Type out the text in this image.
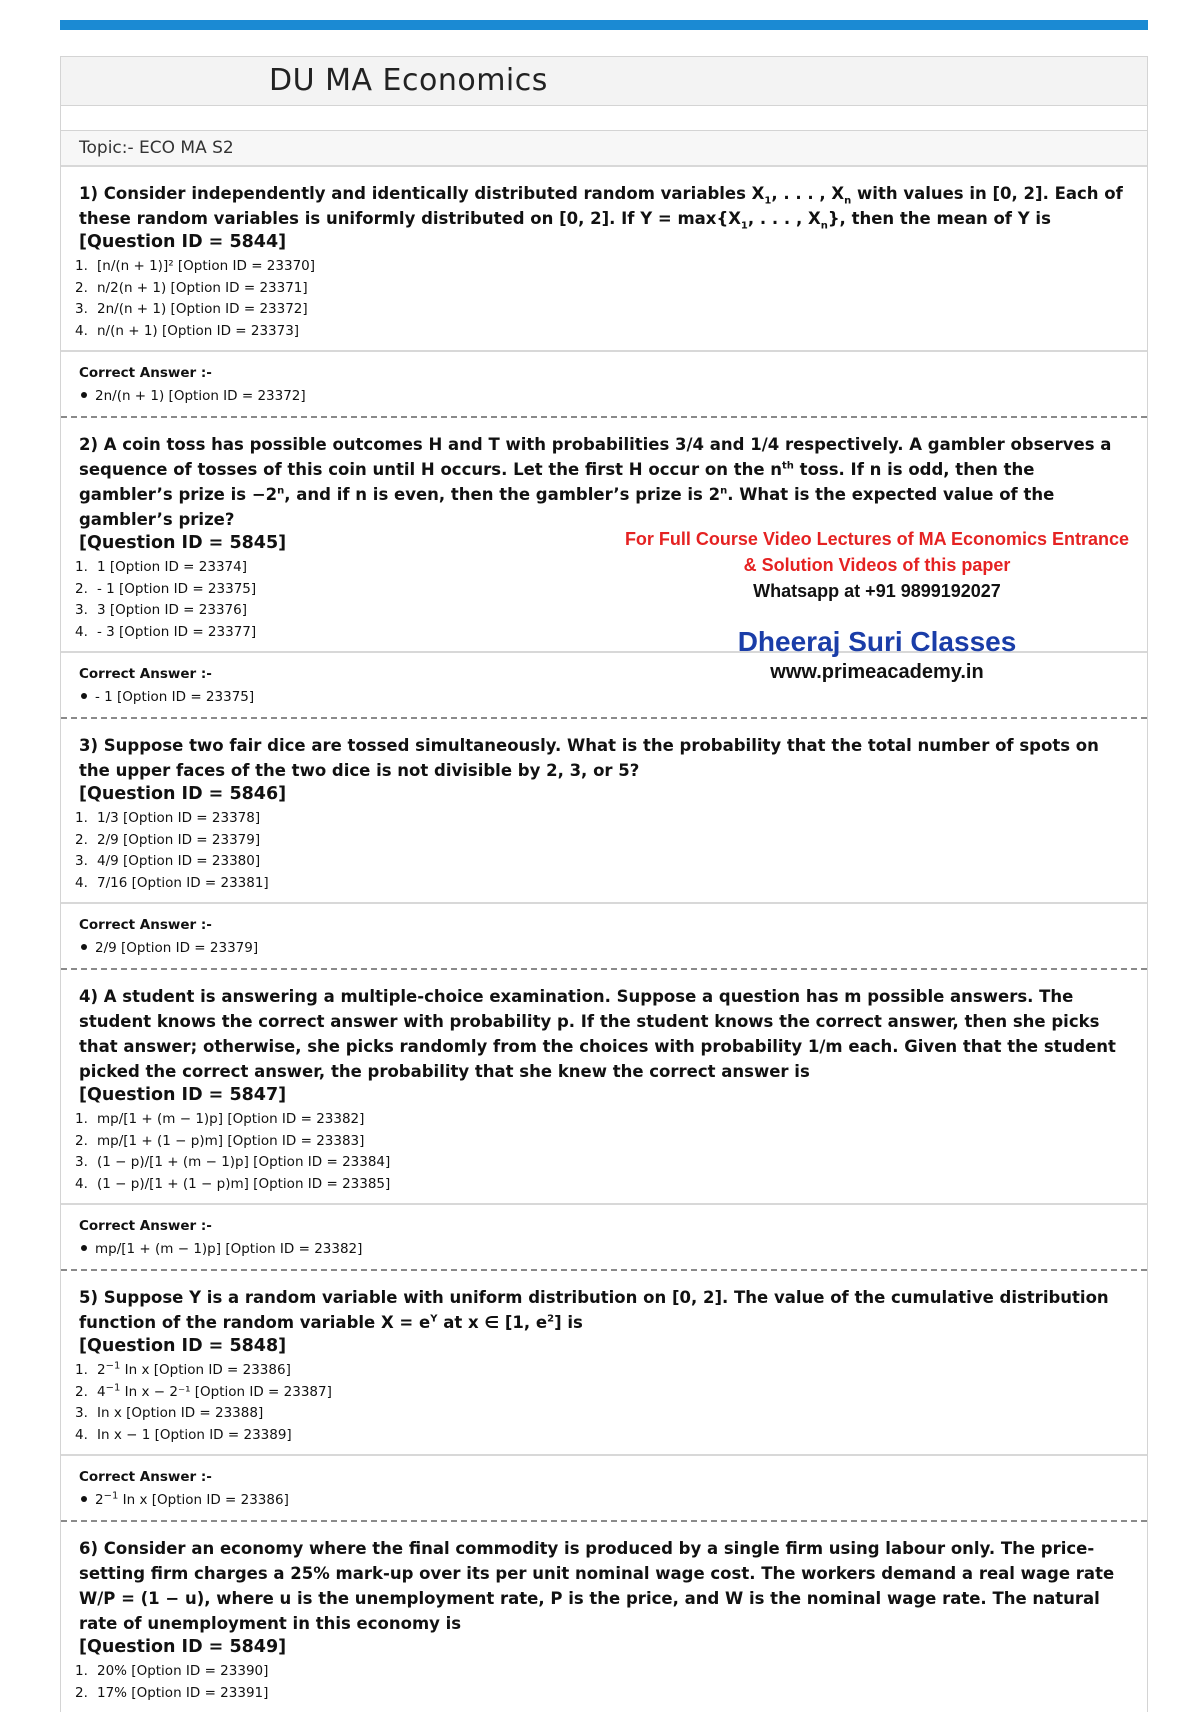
DU MA Economics
Topic:- ECO MA S2
1) Consider independently and identically distributed random variables $X_1$, . . . , $X_n$ with values in [0, 2]. Each of these random variables is uniformly distributed on [0, 2]. If $Y = \max\{X_1$, . . . , $X_n$}, then the mean of Y is
[Question ID = 5844]
1. [n/(n + 1)]² [Option ID = 23370]
2. n/2(n + 1) [Option ID = 23371]
3. 2n/(n + 1) [Option ID = 23372]
4. n/(n + 1) [Option ID = 23373]
Correct Answer :-
2n/(n + 1) [Option ID = 23372]
2) A coin toss has possible outcomes H and T with probabilities 3/4 and 1/4 respectively. A gambler observes a sequence of tosses of this coin until H occurs. Let the first H occur on the $n^{th}$ toss. If n is odd, then the gambler’s prize is $-2^n$, and if n is even, then the gambler’s prize is 2$^n$. What is the expected value of the gambler’s prize?
[Question ID = 5845]
1. 1 [Option ID = 23374]
2. - 1 [Option ID = 23375]
3. 3 [Option ID = 23376]
4. - 3 [Option ID = 23377]
Correct Answer :-
- 1 [Option ID = 23375]
3) Suppose two fair dice are tossed simultaneously. What is the probability that the total number of spots on the upper faces of the two dice is not divisible by 2, 3, or 5?
[Question ID = 5846]
1. 1/3 [Option ID = 23378]
2. 2/9 [Option ID = 23379]
3. 4/9 [Option ID = 23380]
4. 7/16 [Option ID = 23381]
Correct Answer :-
2/9 [Option ID = 23379]
4) A student is answering a multiple-choice examination. Suppose a question has m possible answers. The student knows the correct answer with probability p. If the student knows the correct answer, then she picks that answer; otherwise, she picks randomly from the choices with probability 1/m each. Given that the student picked the correct answer, the probability that she knew the correct answer is
[Question ID = 5847]
1. mp/[1 + (m − 1)p] [Option ID = 23382]
2. mp/[1 + (1 − p)m] [Option ID = 23383]
3. (1 − p)/[1 + (m − 1)p] [Option ID = 23384]
4. (1 − p)/[1 + (1 − p)m] [Option ID = 23385]
Correct Answer :-
mp/[1 + (m − 1)p] [Option ID = 23382]
5) Suppose Y is a random variable with uniform distribution on [0, 2]. The value of the cumulative distribution function of the random variable $X = e^Y$ at x ∈ [1, $e^2$] is
[Question ID = 5848]
1. $2^{-1}$ In x [Option ID = 23386]
2. $4^{-1}$ In x − 2⁻¹ [Option ID = 23387]
3. In x [Option ID = 23388]
4. In x − 1 [Option ID = 23389]
Correct Answer :-
$2^{-1}$ In x [Option ID = 23386]
6) Consider an economy where the final commodity is produced by a single firm using labour only. The price-setting firm charges a 25% mark-up over its per unit nominal wage cost. The workers demand a real wage rate W/P = (1 − u), where u is the unemployment rate, P is the price, and W is the nominal wage rate. The natural rate of unemployment in this economy is
[Question ID = 5849]
1. 20% [Option ID = 23390]
2. 17% [Option ID = 23391]
For Full Course Video Lectures of MA Economics Entrance
& Solution Videos of this paper
Whatsapp at +91 9899192027
Dheeraj Suri Classes
www.primeacademy.in
